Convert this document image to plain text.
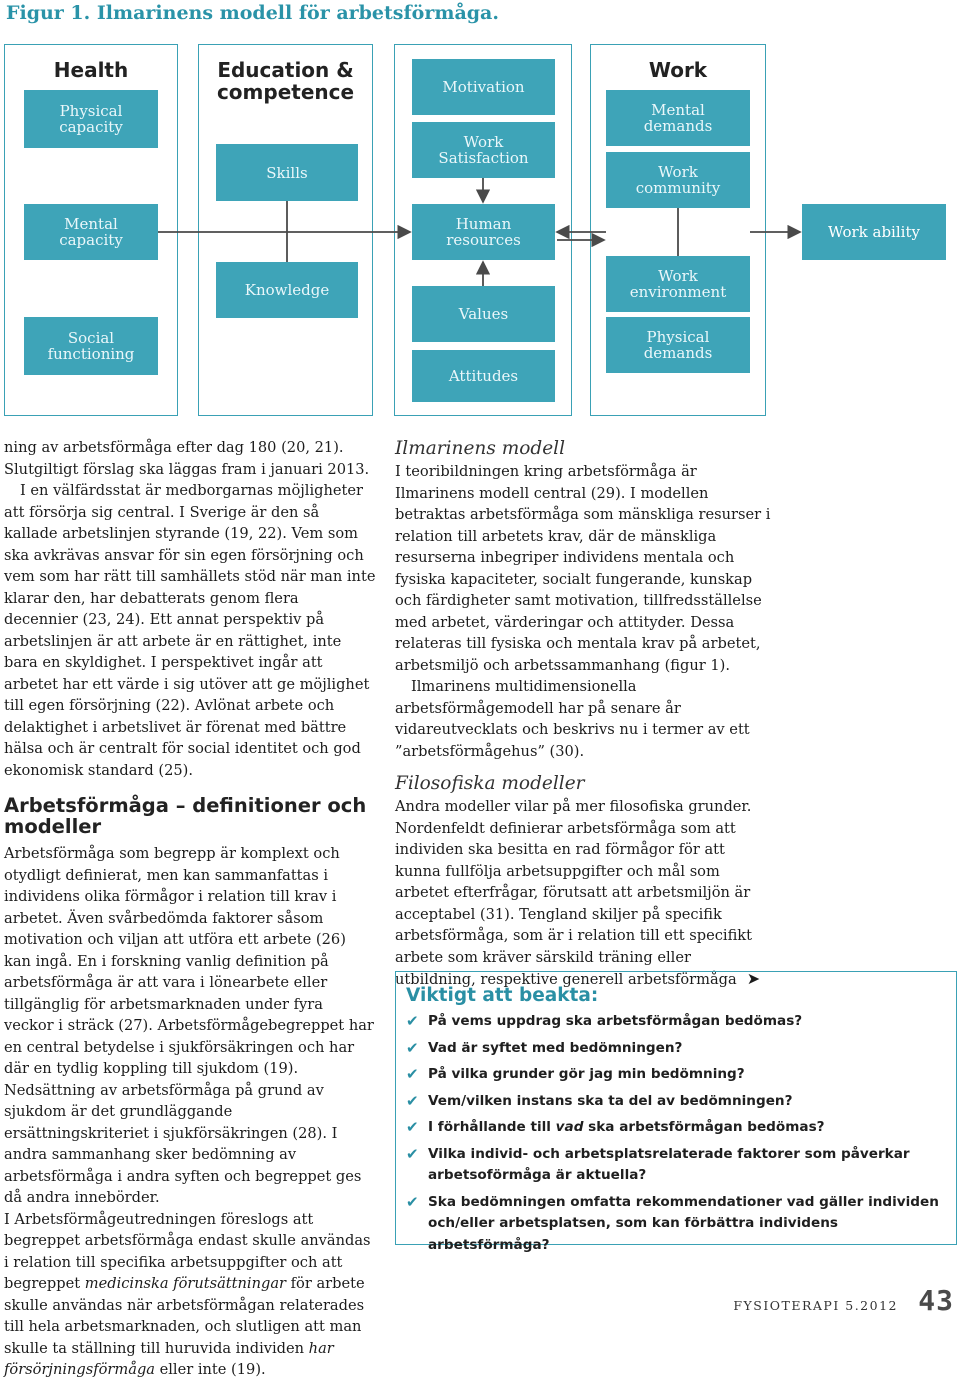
Figur 1. Ilmarinens modell för arbetsförmåga.
Health
Physical
capacity
Mental
capacity
Social
functioning
Education &
competence
Skills
Knowledge
Motivation
Work
Satisfaction
Human
resources
Values
Attitudes
Work
Mental
demands
Work
community
Work
environment
Physical
demands
Work ability

ning av arbetsförmåga efter dag 180 (20, 21). Slutgiltigt förslag ska läggas fram i januari 2013.

I en välfärdsstat är medborgarnas möjligheter att försörja sig central. I Sverige är den så kallade arbetslinjen styrande (19, 22). Vem som ska avkrävas ansvar för sin egen försörjning och vem som har rätt till samhällets stöd när man inte klarar den, har debatterats genom flera decennier (23, 24). Ett annat perspektiv på arbetslinjen är att arbete är en rättighet, inte bara en skyldighet. I perspektivet ingår att arbetet har ett värde i sig utöver att ge möjlighet till egen försörjning (22). Avlönat arbete och delaktighet i arbetslivet är förenat med bättre hälsa och är centralt för social identitet och god ekonomisk standard (25).

Arbetsförmåga – definitioner och modeller

Arbetsförmåga som begrepp är komplext och otydligt definierat, men kan sammanfattas i individens olika förmågor i relation till krav i arbetet. Även svårbedömda faktorer såsom motivation och viljan att utföra ett arbete (26) kan ingå. En i forskning vanlig definition på arbetsförmåga är att vara i lönearbete eller tillgänglig för arbetsmarknaden under fyra veckor i sträck (27). Arbetsförmågebegreppet har en central betydelse i sjukförsäkringen och har där en tydlig koppling till sjukdom (19). Nedsättning av arbetsförmåga på grund av sjukdom är det grundläggande ersättningskriteriet i sjukförsäkringen (28). I andra sammanhang sker bedömning av arbetsförmåga i andra syften och begreppet ges då andra innebörder.

I Arbetsförmågeutredningen föreslogs att begreppet arbetsförmåga endast skulle användas i relation till specifika arbetsuppgifter och att begreppet medicinska förutsättningar för arbete skulle användas när arbetsförmågan relaterades till hela arbetsmarknaden, och slutligen att man skulle ta ställning till huruvida individen har försörjningsförmåga eller inte (19).

Ilmarinens modell

I teoribildningen kring arbetsförmåga är Ilmarinens modell central (29). I modellen betraktas arbetsförmåga som mänskliga resurser i relation till arbetets krav, där de mänskliga resurserna inbegriper individens mentala och fysiska kapaciteter, socialt fungerande, kunskap och färdigheter samt motivation, tillfredsställelse med arbetet, värderingar och attityder. Dessa relateras till fysiska och mentala krav på arbetet, arbetsmiljö och arbetssammanhang (figur 1).

Ilmarinens multidimensionella arbetsförmågemodell har på senare år vidareutvecklats och beskrivs nu i termer av ett ”arbetsförmågehus” (30).

Filosofiska modeller

Andra modeller vilar på mer filosofiska grunder. Nordenfeldt definierar arbetsförmåga som att individen ska besitta en rad förmågor för att kunna fullfölja arbetsuppgifter och mål som arbetet efterfrågar, förutsatt att arbetsmiljön är acceptabel (31). Tengland skiljer på specifik arbetsförmåga, som är i relation till ett specifikt arbete som kräver särskild träning eller utbildning, respektive generell arbetsförmåga ➤

Viktigt att beakta:
✔ På vems uppdrag ska arbetsförmågan bedömas?
✔ Vad är syftet med bedömningen?
✔ På vilka grunder gör jag min bedömning?
✔ Vem/vilken instans ska ta del av bedömningen?
✔ I förhållande till vad ska arbetsförmågan bedömas?
✔ Vilka individ- och arbetsplatsrelaterade faktorer som påverkar arbetsoförmåga är aktuella?
✔ Ska bedömningen omfatta rekommendationer vad gäller individen och/eller arbetsplatsen, som kan förbättra individens arbetsförmåga?
FYSIOTERAPI 5.2012 43
